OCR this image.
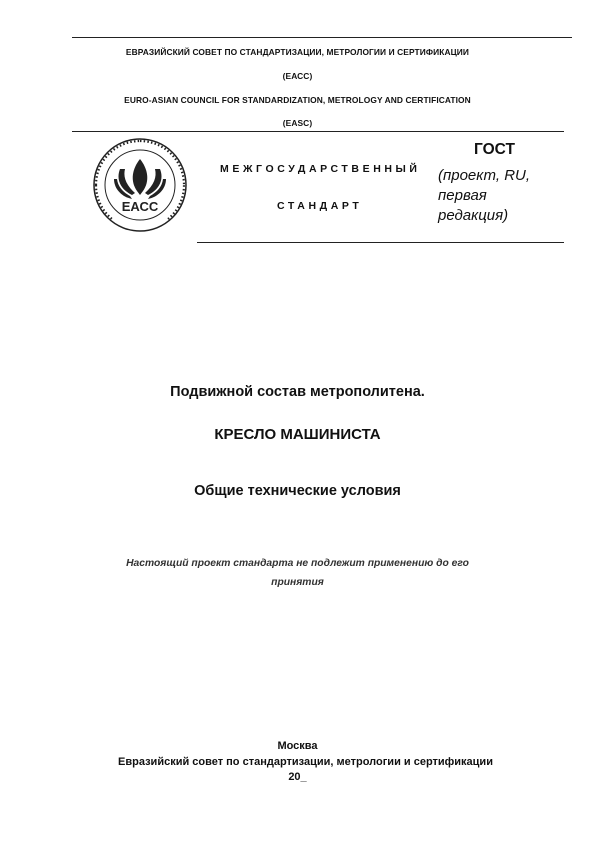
ЕВРАЗИЙСКИЙ СОВЕТ ПО СТАНДАРТИЗАЦИИ, МЕТРОЛОГИИ И СЕРТИФИКАЦИИ
(ЕАСС)
EURO-ASIAN COUNCIL FOR STANDARDIZATION, METROLOGY AND CERTIFICATION
(EASC)
ЕАСС
МЕЖГОСУДАРСТВЕННЫЙ
СТАНДАРТ
ГОСТ
(проект, RU,
первая
редакция)
Подвижной состав метрополитена.
КРЕСЛО МАШИНИСТА
Общие технические условия
Настоящий проект стандарта не подлежит применению до его
принятия
Москва
Евразийский совет по стандартизации, метрологии и сертификации
20_
